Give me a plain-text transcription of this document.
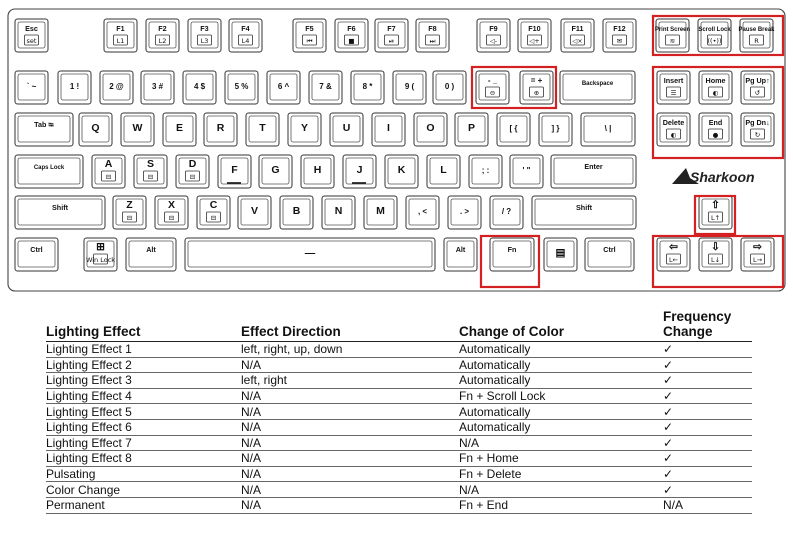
Esc
set
F1
L1
F2
L2
F3
L3
F4
L4
F5
⏮
F6
■
F7
⏯
F8
⏭
F9
◁-
F10
◁+
F11
◁×
F12
✉
Print Screen
≋
Scroll Lock
((•))
Pause Break
R
` ~	1 !	2 @	3 #	4 $	5 %	6 ^	7 &	8 *	9 (	0 )
- _
⊖
= +
⊕
Backspace	Insert
☰
Home
◐
Pg Up↑
↺
Tab ⭾	Q	W	E	R	T	Y	U	I	O	P	[ {	] }	\ |
Delete
◐
End
●
Pg Dn↓
↻
Caps Lock	A
⊟
S
⊟
D
⊟
F	G	H	J	K	L	; :	' "	Enter
Shift	Z
⊟
X
⊟
C
⊟
V	B	N	M	, <	. >	/ ?	Shift	⇧
L↑
Ctrl	⊞
Win Lock
Alt	—	Alt	Fn	▤	Ctrl	⇦
L←
⇩
L↓
⇨
L→
Sharkoon
Lighting Effect	Effect Direction	Change of Color	Frequency Change
Lighting Effect 1	left, right, up, down	Automatically	✓
Lighting Effect 2	N/A	Automatically	✓
Lighting Effect 3	left, right	Automatically	✓
Lighting Effect 4	N/A	Fn + Scroll Lock	✓
Lighting Effect 5	N/A	Automatically	✓
Lighting Effect 6	N/A	Automatically	✓
Lighting Effect 7	N/A	N/A	✓
Lighting Effect 8	N/A	Fn + Home	✓
Pulsating	N/A	Fn + Delete	✓
Color Change	N/A	N/A	✓
Permanent	N/A	Fn + End	N/A
